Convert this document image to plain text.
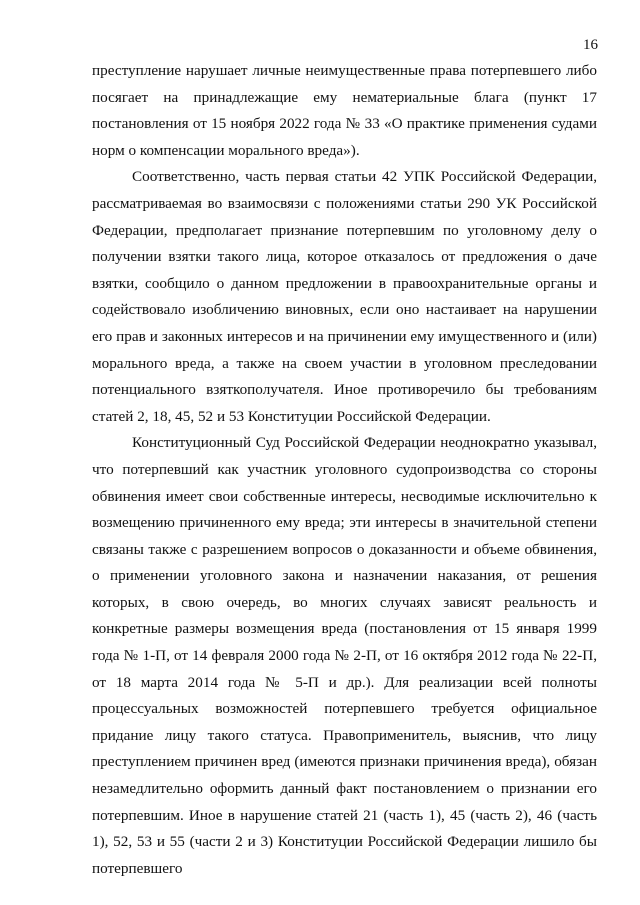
16

преступление нарушает личные неимущественные права потерпевшего либо посягает на принадлежащие ему нематериальные блага (пункт 17 постановления от 15 ноября 2022 года № 33 «О практике применения судами норм о компенсации морального вреда»).

Соответственно, часть первая статьи 42 УПК Российской Федерации, рассматриваемая во взаимосвязи с положениями статьи 290 УК Российской Федерации, предполагает признание потерпевшим по уголовному делу о получении взятки такого лица, которое отказалось от предложения о даче взятки, сообщило о данном предложении в правоохранительные органы и содействовало изобличению виновных, если оно настаивает на нарушении его прав и законных интересов и на причинении ему имущественного и (или) морального вреда, а также на своем участии в уголовном преследовании потенциального взяткополучателя. Иное противоречило бы требованиям статей 2, 18, 45, 52 и 53 Конституции Российской Федерации.

Конституционный Суд Российской Федерации неоднократно указывал, что потерпевший как участник уголовного судопроизводства со стороны обвинения имеет свои собственные интересы, несводимые исключительно к возмещению причиненного ему вреда; эти интересы в значительной степени связаны также с разрешением вопросов о доказанности и объеме обвинения, о применении уголовного закона и назначении наказания, от решения которых, в свою очередь, во многих случаях зависят реальность и конкретные размеры возмещения вреда (постановления от 15 января 1999 года № 1-П, от 14 февраля 2000 года № 2-П, от 16 октября 2012 года № 22-П, от 18 марта 2014 года № 5-П и др.). Для реализации всей полноты процессуальных возможностей потерпевшего требуется официальное придание лицу такого статуса. Правоприменитель, выяснив, что лицу преступлением причинен вред (имеются признаки причинения вреда), обязан незамедлительно оформить данный факт постановлением о признании его потерпевшим. Иное в нарушение статей 21 (часть 1), 45 (часть 2), 46 (часть 1), 52, 53 и 55 (части 2 и 3) Конституции Российской Федерации лишило бы потерпевшего
